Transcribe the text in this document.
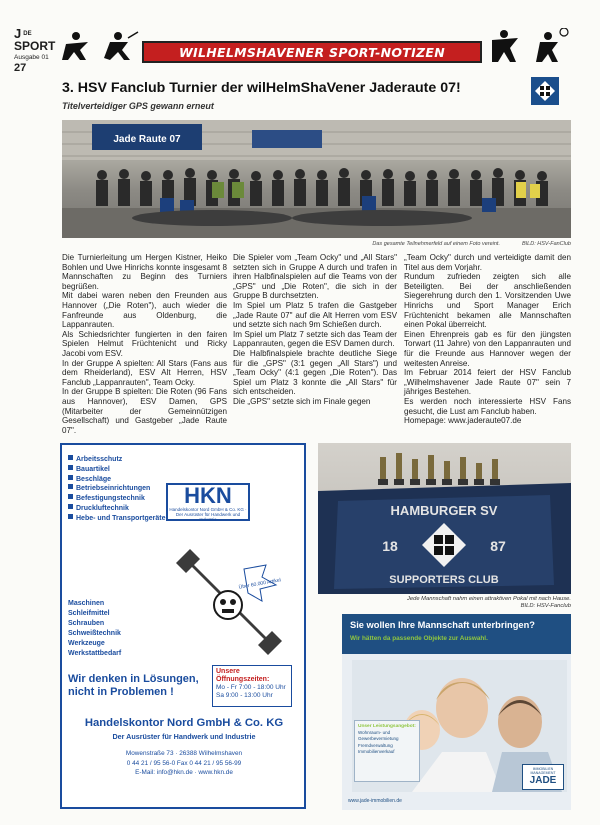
$J^{DE}$
SPORT
Ausgabe 01
27
WILHELMSHAVENER SPORT-NOTIZEN
3. HSV Fanclub Turnier der wilHelmShaVener Jaderaute 07!
Titelverteidiger GPS gewann erneut
Jade Raute 07
Das gesamte Teilnehmerfeld auf einem Foto vereint.	BILD: HSV-FanClub

Die Turnierleitung um Hergen Kistner, Heiko Bohlen und Uwe Hinrichs konnte insgesamt 8 Mannschaften zu Beginn des Turniers begrüßen.

Mit dabei waren neben den Freunden aus Hannover („Die Roten"), auch wieder die Fanfreunde aus Oldenburg, die Lappanrauten.

Als Schiedsrichter fungierten in den fairen Spielen Helmut Früchtenicht und Ricky Jacobi vom ESV.

In der Gruppe A spielten: All Stars (Fans aus dem Rheiderland), ESV Alt Herren, HSV Fanclub „Lappanrauten", Team Ocky.

In der Gruppe B spielten: Die Roten (96 Fans aus Hannover), ESV Damen, GPS (Mitarbeiter der Gemeinnützigen Gesellschaft) und Gastgeber „Jade Raute 07".

Die Spieler vom „Team Ocky" und „All Stars" setzten sich in Gruppe A durch und trafen in ihren Halbfinalspielen auf die Teams von der „GPS" und „Die Roten", die sich in der Gruppe B durchsetzten.

Im Spiel um Platz 5 trafen die Gastgeber „Jade Raute 07" auf die Alt Herren vom ESV und setzte sich nach 9m Schießen durch.

Im Spiel um Platz 7 setzte sich das Team der Lappanrauten, gegen die ESV Damen durch.

Die Halbfinalspiele brachte deutliche Siege für die „GPS" (3:1 gegen „All Stars") und „Team Ocky" (4:1 gegen „Die Roten"). Das Spiel um Platz 3 konnte die „All Stars" für sich entscheiden.

Die „GPS" setzte sich im Finale gegen

„Team Ocky" durch und verteidigte damit den Titel aus dem Vorjahr.

Rundum zufrieden zeigten sich alle Beteiligten. Bei der anschließenden Siegerehrung durch den 1. Vorsitzenden Uwe Hinrichs und Sport Manager Erich Früchtenicht bekamen alle Mannschaften einen Pokal überreicht.

Einen Ehrenpreis gab es für den jüngsten Torwart (11 Jahre) von den Lappanrauten und für die Freunde aus Hannover wegen der weitesten Anreise.

Im Februar 2014 feiert der HSV Fanclub „Wilhelmshavener Jade Raute 07" sein 7 jähriges Bestehen.

Es werden noch interessierte HSV Fans gesucht, die Lust am Fanclub haben.

Homepage: www.jaderaute07.de

Arbeitsschutz
Bauartikel
Beschläge
Betriebseinrichtungen
Befestigungstechnik
Druckluftechnik
Hebe- und Transportgeräte
HKN
Handelskontor Nord GmbH & Co. KG · Der Ausrüster für Handwerk und Industrie
Über 60.000 Artikel
Maschinen
Schleifmittel
Schrauben
Schweißtechnik
Werkzeuge
Werkstattbedarf
Unsere Öffnungszeiten:
Mo - Fr 7:00 - 18:00 Uhr
Sa 9:00 - 13:00 Uhr
Wir denken in Lösungen, nicht in Problemen !
Handelskontor Nord GmbH & Co. KG
Der Ausrüster für Handwerk und Industrie
Mowenstraße 73 · 26388 Wilhelmshaven
0 44 21 / 95 56-0 Fax 0 44 21 / 95 56-99
E-Mail: info@hkn.de · www.hkn.de
HAMBURGER SV
18	87
SUPPORTERS CLUB
Jede Mannschaft nahm einen attraktiven Pokal mit nach Hause.
BILD: HSV-Fanclub
Sie wollen Ihre Mannschaft unterbringen?
Wir hätten da passende Objekte zur Auswahl.
Unser Leistungsangebot:
Wohnraum- und Gewerbevermietung
Fremdverwaltung
Immobilienverkauf
IMMOBILIEN MANAGEMENT
JADE
www.jade-immobilien.de
